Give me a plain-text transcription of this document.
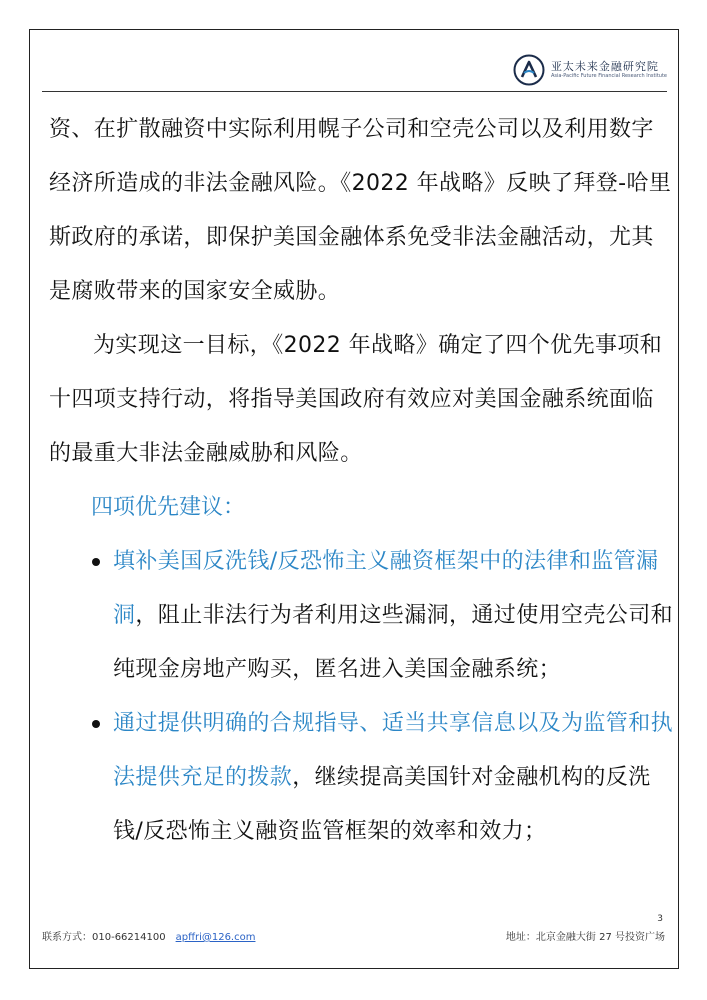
亚太未来金融研究院
Asia-Pacific Future Financial Research Institute

资、在扩散融资中实际利用幌子公司和空壳公司以及利用数字经济所造成的非法金融风险。《2022 年战略》反映了拜登-哈里斯政府的承诺，即保护美国金融体系免受非法金融活动，尤其是腐败带来的国家安全威胁。

为实现这一目标，《2022 年战略》确定了四个优先事项和十四项支持行动，将指导美国政府有效应对美国金融系统面临的最重大非法金融威胁和风险。

四项优先建议：

填补美国反洗钱/反恐怖主义融资框架中的法律和监管漏洞，阻止非法行为者利用这些漏洞，通过使用空壳公司和纯现金房地产购买，匿名进入美国金融系统；
通过提供明确的合规指导、适当共享信息以及为监管和执法提供充足的拨款，继续提高美国针对金融机构的反洗钱/反恐怖主义融资监管框架的效率和效力；
3
联系方式：010-66214100 apffri@126.com	地址：北京金融大街 27 号投资广场
